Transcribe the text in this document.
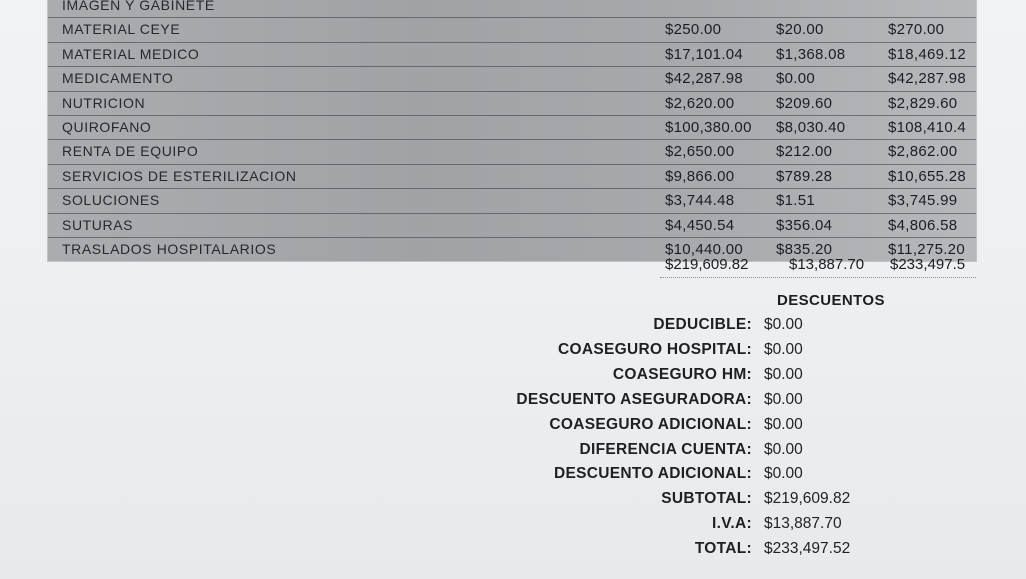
IMAGEN Y GABINETE
MATERIAL CEYE	$250.00	$20.00	$270.00
MATERIAL MEDICO	$17,101.04 $1,368.08	$18,469.12
MEDICAMENTO	$42,287.98 $0.00	$42,287.98
NUTRICION	$2,620.00	$209.60	$2,829.60
QUIROFANO	$100,380.00 $8,030.40	$108,410.4
RENTA DE EQUIPO	$2,650.00	$212.00	$2,862.00
SERVICIOS DE ESTERILIZACION	$9,866.00	$789.28	$10,655.28
SOLUCIONES	$3,744.48	$1.51	$3,745.99
SUTURAS	$4,450.54	$356.04	$4,806.58
TRASLADOS HOSPITALARIOS	$10,440.00 $835.20	$11,275.20
$219,609.82	$13,887.70 $233,497.5
DESCUENTOS
DEDUCIBLE: $0.00
COASEGURO HOSPITAL: $0.00
COASEGURO HM: $0.00
DESCUENTO ASEGURADORA: $0.00
COASEGURO ADICIONAL: $0.00
DIFERENCIA CUENTA: $0.00
DESCUENTO ADICIONAL: $0.00
SUBTOTAL: $219,609.82
I.V.A: $13,887.70
TOTAL: $233,497.52
